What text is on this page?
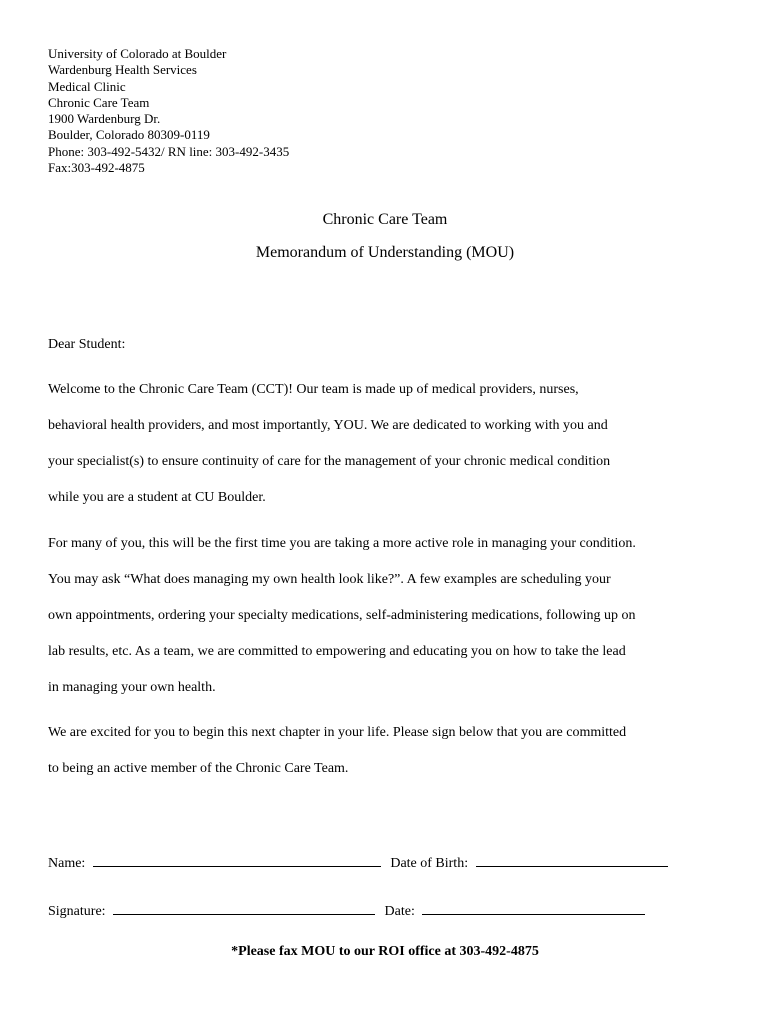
University of Colorado at Boulder
Wardenburg Health Services
Medical Clinic
Chronic Care Team
1900 Wardenburg Dr.
Boulder, Colorado 80309-0119
Phone: 303-492-5432/ RN line: 303-492-3435
Fax:303-492-4875
Chronic Care Team
Memorandum of Understanding (MOU)
Dear Student:
Welcome to the Chronic Care Team (CCT)! Our team is made up of medical providers, nurses,
behavioral health providers, and most importantly, YOU. We are dedicated to working with you and
your specialist(s) to ensure continuity of care for the management of your chronic medical condition
while you are a student at CU Boulder.
For many of you, this will be the first time you are taking a more active role in managing your condition.
You may ask “What does managing my own health look like?”. A few examples are scheduling your
own appointments, ordering your specialty medications, self-administering medications, following up on
lab results, etc. As a team, we are committed to empowering and educating you on how to take the lead
in managing your own health.
We are excited for you to begin this next chapter in your life. Please sign below that you are committed
to being an active member of the Chronic Care Team.
Name:	Date of Birth:
Signature:	Date:
*Please fax MOU to our ROI office at 303-492-4875
